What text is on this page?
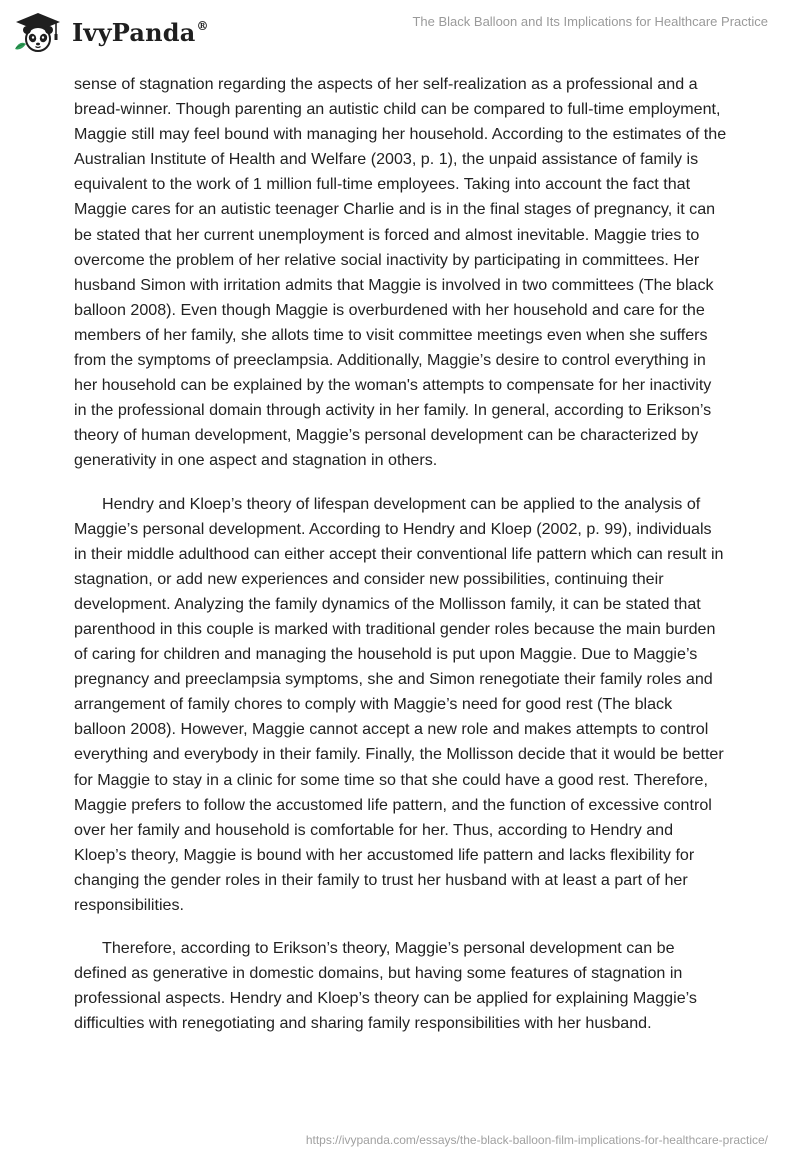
IvyPanda®	The Black Balloon and Its Implications for Healthcare Practice

sense of stagnation regarding the aspects of her self-realization as a professional and a bread-winner. Though parenting an autistic child can be compared to full-time employment, Maggie still may feel bound with managing her household. According to the estimates of the Australian Institute of Health and Welfare (2003, p. 1), the unpaid assistance of family is equivalent to the work of 1 million full-time employees. Taking into account the fact that Maggie cares for an autistic teenager Charlie and is in the final stages of pregnancy, it can be stated that her current unemployment is forced and almost inevitable. Maggie tries to overcome the problem of her relative social inactivity by participating in committees. Her husband Simon with irritation admits that Maggie is involved in two committees (The black balloon 2008). Even though Maggie is overburdened with her household and care for the members of her family, she allots time to visit committee meetings even when she suffers from the symptoms of preeclampsia. Additionally, Maggie’s desire to control everything in her household can be explained by the woman's attempts to compensate for her inactivity in the professional domain through activity in her family. In general, according to Erikson’s theory of human development, Maggie’s personal development can be characterized by generativity in one aspect and stagnation in others.

Hendry and Kloep’s theory of lifespan development can be applied to the analysis of Maggie’s personal development. According to Hendry and Kloep (2002, p. 99), individuals in their middle adulthood can either accept their conventional life pattern which can result in stagnation, or add new experiences and consider new possibilities, continuing their development. Analyzing the family dynamics of the Mollisson family, it can be stated that parenthood in this couple is marked with traditional gender roles because the main burden of caring for children and managing the household is put upon Maggie. Due to Maggie’s pregnancy and preeclampsia symptoms, she and Simon renegotiate their family roles and arrangement of family chores to comply with Maggie’s need for good rest (The black balloon 2008). However, Maggie cannot accept a new role and makes attempts to control everything and everybody in their family. Finally, the Mollisson decide that it would be better for Maggie to stay in a clinic for some time so that she could have a good rest. Therefore, Maggie prefers to follow the accustomed life pattern, and the function of excessive control over her family and household is comfortable for her. Thus, according to Hendry and Kloep’s theory, Maggie is bound with her accustomed life pattern and lacks flexibility for changing the gender roles in their family to trust her husband with at least a part of her responsibilities.

Therefore, according to Erikson’s theory, Maggie’s personal development can be defined as generative in domestic domains, but having some features of stagnation in professional aspects. Hendry and Kloep’s theory can be applied for explaining Maggie’s difficulties with renegotiating and sharing family responsibilities with her husband.

https://ivypanda.com/essays/the-black-balloon-film-implications-for-healthcare-practice/
